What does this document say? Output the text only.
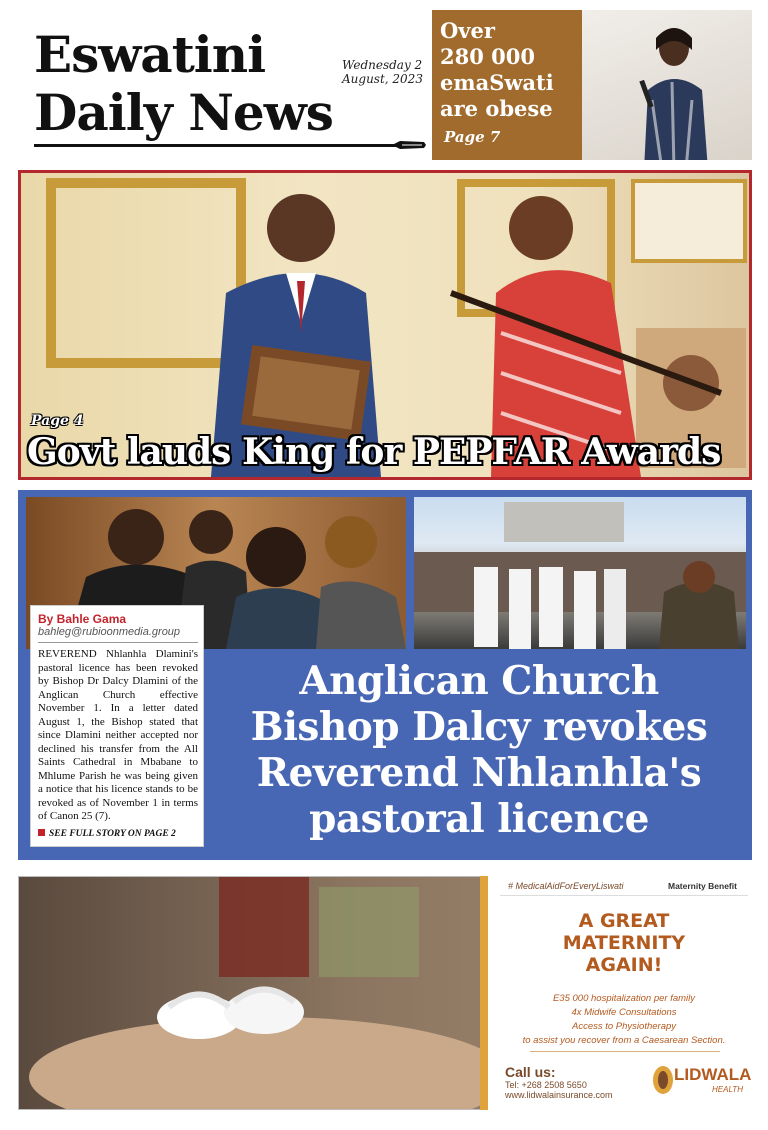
Eswatini
Daily News
Wednesday 2
August, 2023
Over
280 000
emaSwati
are obese
Page 7
Page 4
Govt lauds King for PEPFAR Awards
By Bahle Gama
bahleg@rubioonmedia.group
REVEREND Nhlanhla Dlamini's pastoral licence has been revoked by Bishop Dr Dalcy Dlamini of the Anglican Church effective November 1. In a letter dated August 1, the Bishop stated that since Dlamini neither accepted nor declined his transfer from the All Saints Cathedral in Mbabane to Mhlume Parish he was being given a notice that his licence stands to be revoked as of November 1 in terms of Canon 25 (7).
SEE FULL STORY ON PAGE 2
Anglican Church
Bishop Dalcy revokes
Reverend Nhlanhla's
pastoral licence
# MedicalAidForEveryLiswati	Maternity Benefit
A GREAT
MATERNITY
AGAIN!
E35 000 hospitalization per family
4x Midwife Consultations
Access to Physiotherapy
to assist you recover from a Caesarean Section.
Call us:
Tel: +268 2508 5650
www.lidwalainsurance.com
LIDWALA
HEALTH
